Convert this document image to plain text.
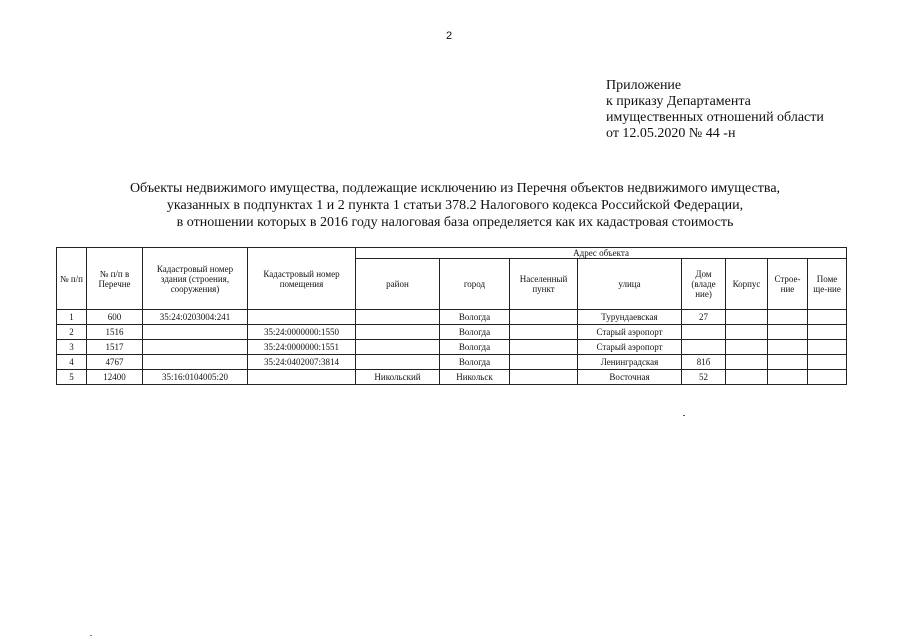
2
Приложение
к приказу Департамента
имущественных отношений области
от 12.05.2020 № 44 -н
Объекты недвижимого имущества, подлежащие исключению из Перечня объектов недвижимого имущества,
указанных в подпунктах 1 и 2 пункта 1 статьи 378.2 Налогового кодекса Российской Федерации,
в отношении которых в 2016 году налоговая база определяется как их кадастровая стоимость
№ п/п	№ п/п в Перечне	Кадастровый номер здания (строения, сооружения)	Кадастровый номер помещения	Адрес объекта							
				район	город	Населенный пункт	улица	Дом (владе ние)	Корпус	Строе-ние	Поме ще-ние
1	600	35:24:0203004:241			Вологда		Турундаевская	27			
2	1516		35:24:0000000:1550		Вологда		Старый аэропорт				
3	1517		35:24:0000000:1551		Вологда		Старый аэропорт				
4	4767		35:24:0402007:3814		Вологда		Ленинградская	81б			
5	12400	35:16:0104005:20		Никольский	Никольск		Восточная	52			
